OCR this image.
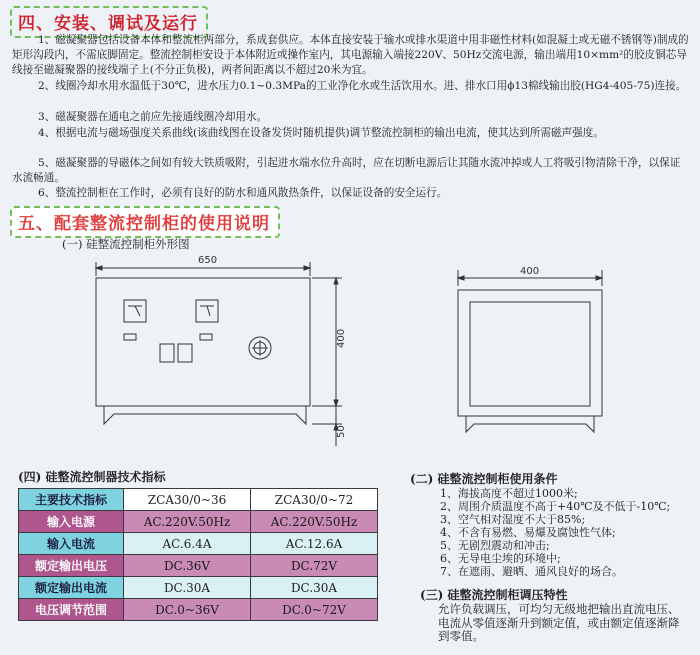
四、安装、调试及运行

1、磁凝聚器包括设备本体和整流柜两部分，系成套供应。本体直接安装于输水或排水渠道中用非磁性材料(如混凝土或无磁不锈钢等)制成的矩形沟段内，不需底脚固定。整流控制柜安设于本体附近或操作室内，其电源输入端接220V、50Hz交流电源，输出端用10×mm²的胶皮铜芯导线接至磁凝聚器的接线端子上(不分正负极)，两者间距离以不超过20米为宜。

2、线圈冷却水用水温低于30℃，进水压力0.1~0.3MPa的工业净化水或生活饮用水。进、排水口用ϕ13棉线输出胶(HG4-405-75)连接。

3、磁凝聚器在通电之前应先接通线圈冷却用水。

4、根据电流与磁场强度关系曲线(该曲线图在设备发货时随机提供)调节整流控制柜的输出电流，使其达到所需磁声强度。

5、磁凝聚器的导磁体之间如有较大铁质吸附，引起进水端水位升高时，应在切断电源后让其随水流冲掉或人工将吸引物清除干净，以保证水流畅通。

6、整流控制柜在工作时，必须有良好的防水和通风散热条件，以保证设备的安全运行。

五、配套整流控制柜的使用说明
(一) 硅整流控制柜外形图
650
400
50
400
(四) 硅整流控制器技术指标
主要技术指标	ZCA30/0~36	ZCA30/0~72
输入电源	AC.220V.50Hz	AC.220V.50Hz
输入电流	AC.6.4A	AC.12.6A
额定输出电压	DC.36V	DC.72V
额定输出电流	DC.30A	DC.30A
电压调节范围	DC.0~36V	DC.0~72V
(二) 硅整流控制柜使用条件
1、海拔高度不超过1000米;
2、周围介质温度不高于+40℃及不低于-10℃;
3、空气相对湿度不大于85%;
4、不含有易燃、易爆及腐蚀性气体;
5、无剧烈震动和冲击;
6、无导电尘埃的环境中;
7、在遮雨、避晒、通风良好的场合。
(三) 硅整流控制柜调压特性

允许负载调压，可均匀无级地把输出直流电压、电流从零值逐渐升到额定值，或由额定值逐渐降到零值。
